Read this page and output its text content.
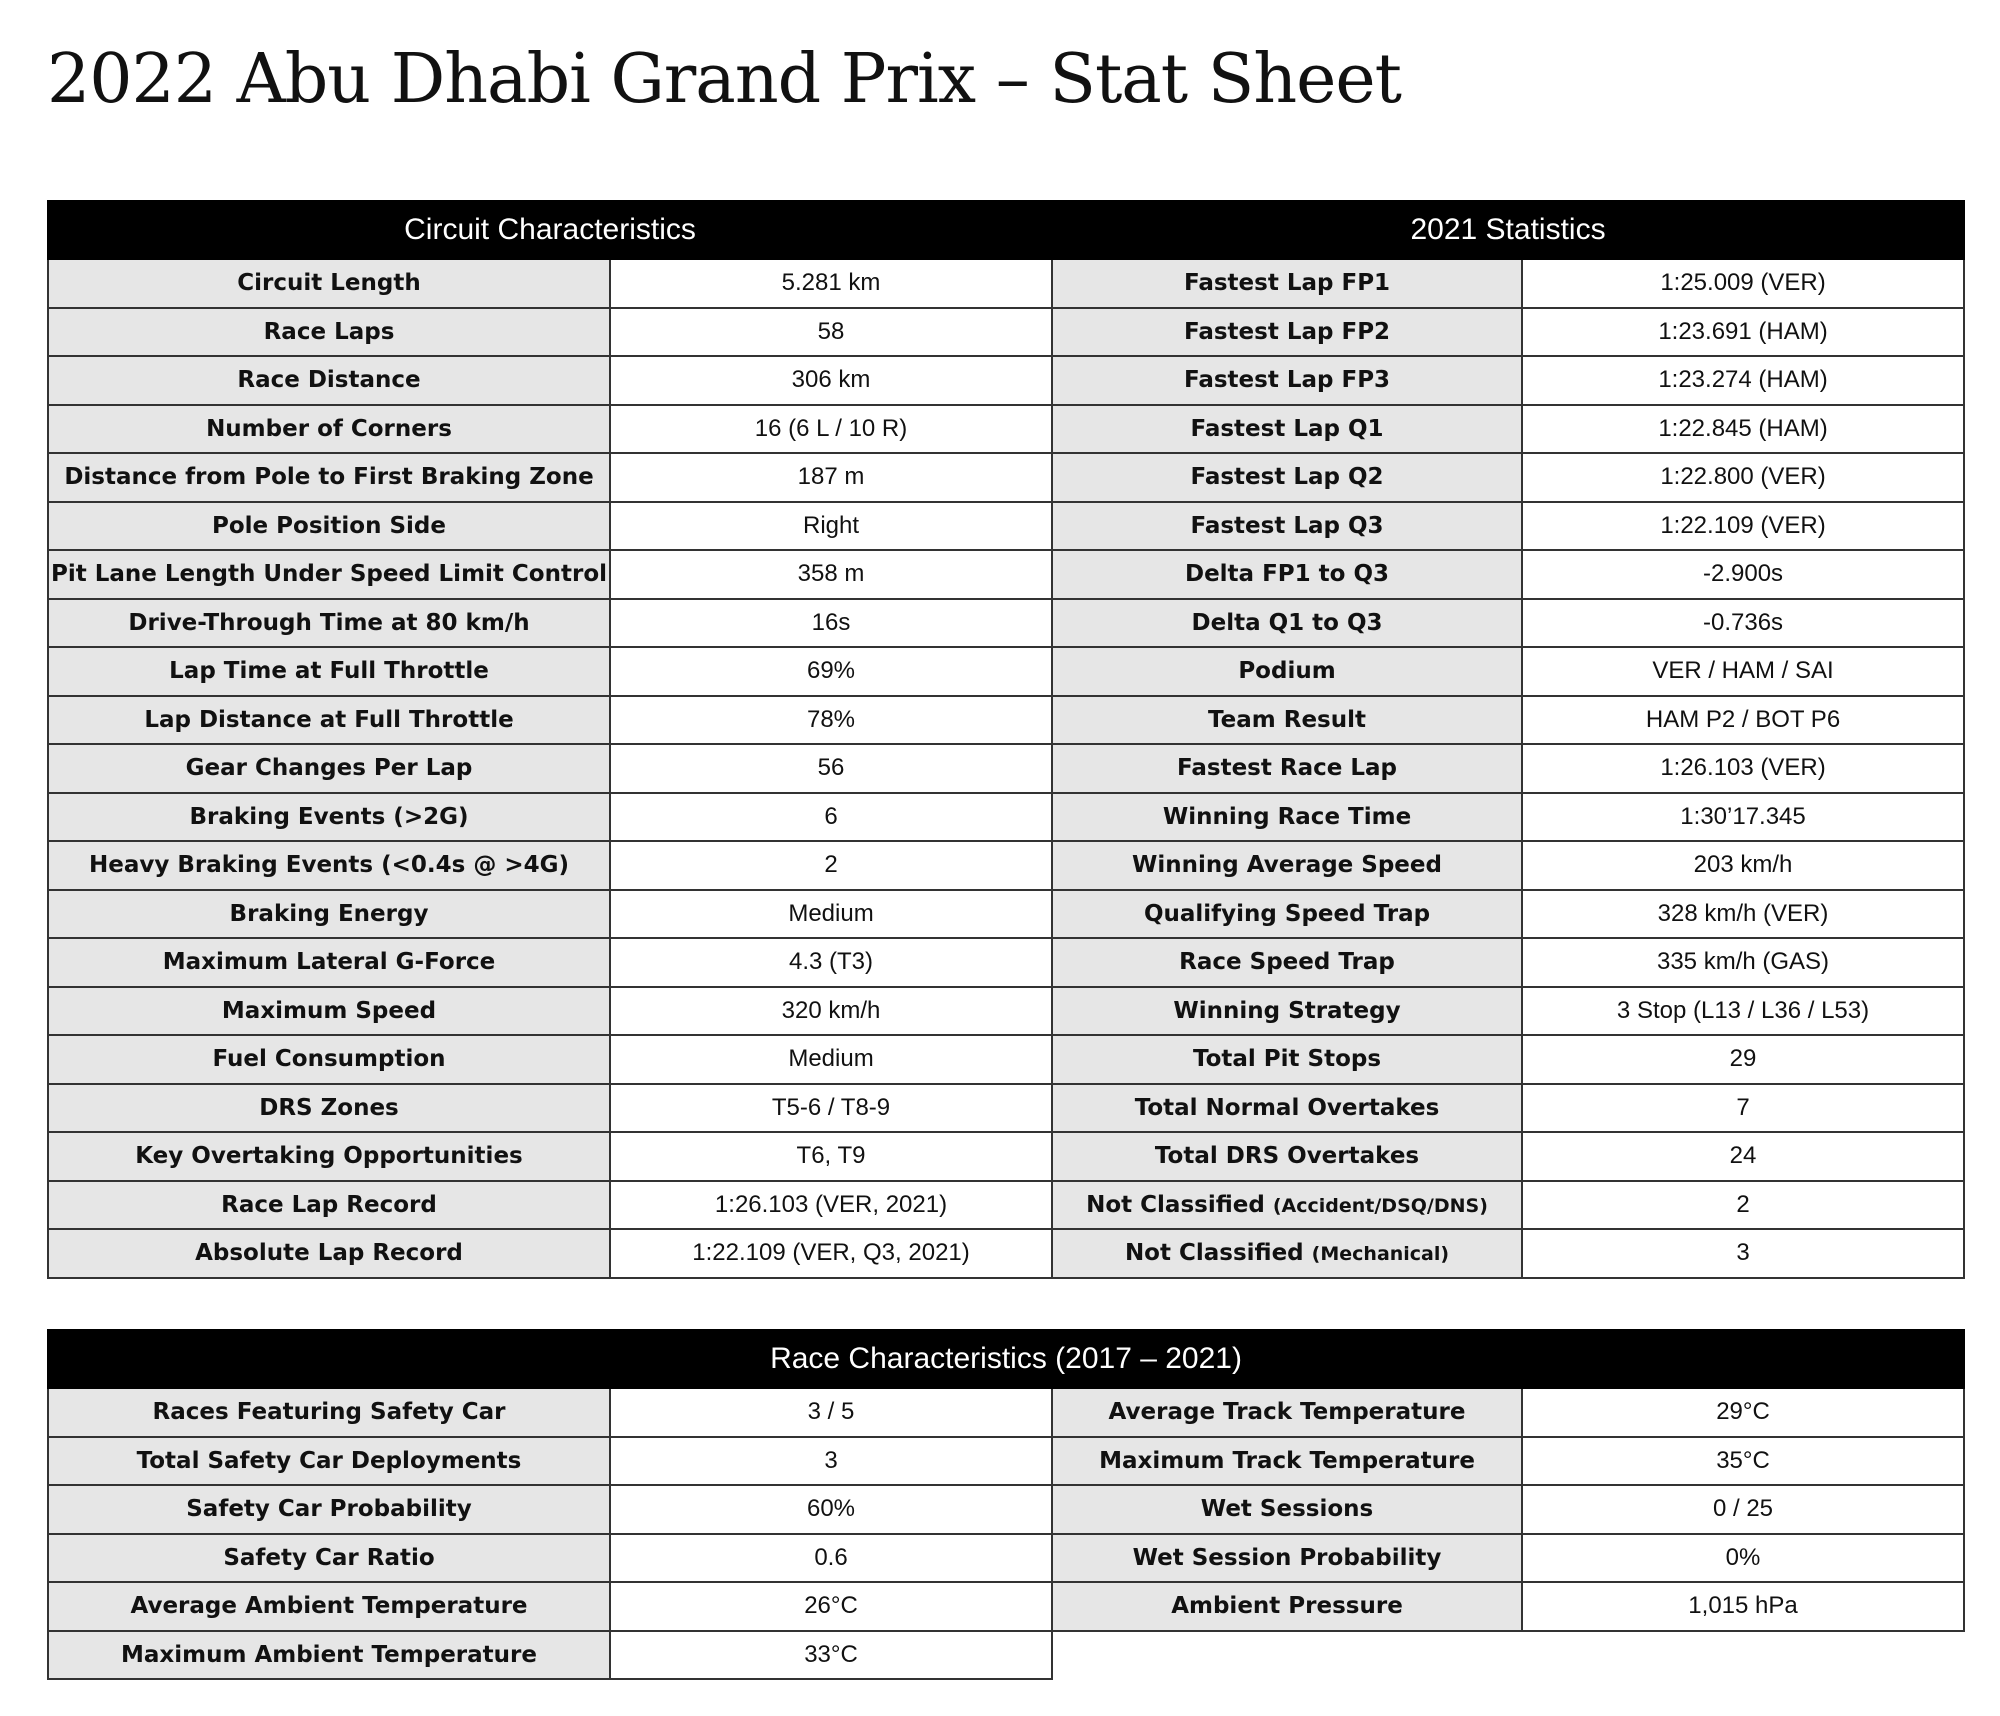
2022 Abu Dhabi Grand Prix – Stat Sheet
Circuit Characteristics		2021 Statistics	
Circuit Length	5.281 km	Fastest Lap FP1	1:25.009 (VER)
Race Laps	58	Fastest Lap FP2	1:23.691 (HAM)
Race Distance	306 km	Fastest Lap FP3	1:23.274 (HAM)
Number of Corners	16 (6 L / 10 R)	Fastest Lap Q1	1:22.845 (HAM)
Distance from Pole to First Braking Zone	187 m	Fastest Lap Q2	1:22.800 (VER)
Pole Position Side	Right	Fastest Lap Q3	1:22.109 (VER)
Pit Lane Length Under Speed Limit Control	358 m	Delta FP1 to Q3	-2.900s
Drive-Through Time at 80 km/h	16s	Delta Q1 to Q3	-0.736s
Lap Time at Full Throttle	69%	Podium	VER / HAM / SAI
Lap Distance at Full Throttle	78%	Team Result	HAM P2 / BOT P6
Gear Changes Per Lap	56	Fastest Race Lap	1:26.103 (VER)
Braking Events (>2G)	6	Winning Race Time	1:30’17.345
Heavy Braking Events (<0.4s @ >4G)	2	Winning Average Speed	203 km/h
Braking Energy	Medium	Qualifying Speed Trap	328 km/h (VER)
Maximum Lateral G-Force	4.3 (T3)	Race Speed Trap	335 km/h (GAS)
Maximum Speed	320 km/h	Winning Strategy	3 Stop (L13 / L36 / L53)
Fuel Consumption	Medium	Total Pit Stops	29
DRS Zones	T5-6 / T8-9	Total Normal Overtakes	7
Key Overtaking Opportunities	T6, T9	Total DRS Overtakes	24
Race Lap Record	1:26.103 (VER, 2021)	Not Classified (Accident/DSQ/DNS)	2
Absolute Lap Record	1:22.109 (VER, Q3, 2021)	Not Classified (Mechanical)	3
Race Characteristics (2017 – 2021)			
Races Featuring Safety Car	3 / 5	Average Track Temperature	29°C
Total Safety Car Deployments	3	Maximum Track Temperature	35°C
Safety Car Probability	60%	Wet Sessions	0 / 25
Safety Car Ratio	0.6	Wet Session Probability	0%
Average Ambient Temperature	26°C	Ambient Pressure	1,015 hPa
Maximum Ambient Temperature	33°C		
